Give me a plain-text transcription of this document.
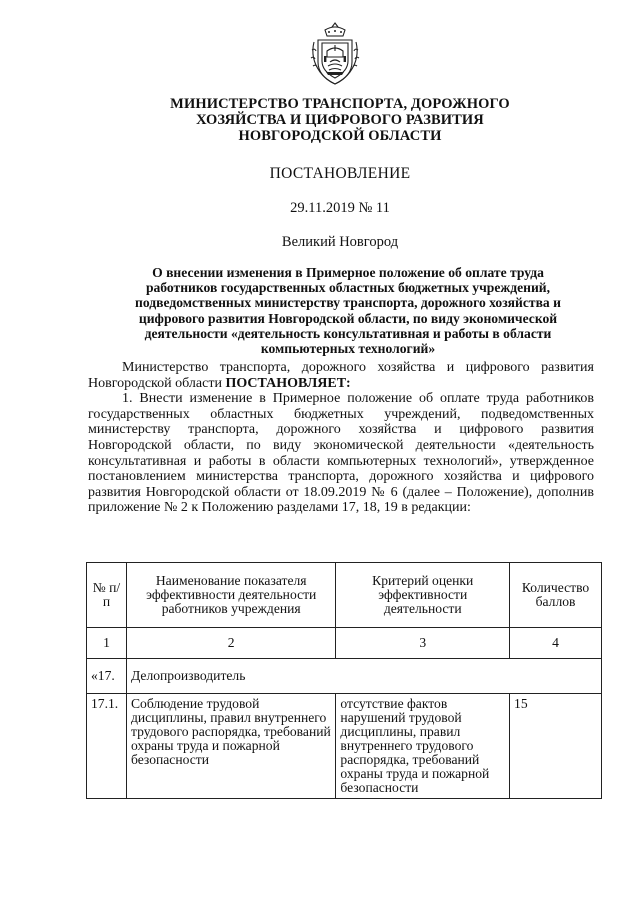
МИНИСТЕРСТВО ТРАНСПОРТА, ДОРОЖНОГО
ХОЗЯЙСТВА И ЦИФРОВОГО РАЗВИТИЯ
НОВГОРОДСКОЙ ОБЛАСТИ
ПОСТАНОВЛЕНИЕ
29.11.2019 № 11
Великий Новгород
О внесении изменения в Примерное положение об оплате труда
работников государственных областных бюджетных учреждений,
подведомственных министерству транспорта, дорожного хозяйства и
цифрового развития Новгородской области, по виду экономической
деятельности «деятельность консультативная и работы в области
компьютерных технологий»

Министерство транспорта, дорожного хозяйства и цифрового развития Новгородской области ПОСТАНОВЛЯЕТ:

1. Внести изменение в Примерное положение об оплате труда работников государственных областных бюджетных учреждений, подведомственных министерству транспорта, дорожного хозяйства и цифрового развития Новгородской области, по виду экономической деятельности «деятельность консультативная и работы в области компьютерных технологий», утвержденное постановлением министерства транспорта, дорожного хозяйства и цифрового развития Новгородской области от 18.09.2019 № 6 (далее – Положение), дополнив приложение № 2 к Положению разделами 17, 18, 19 в редакции:

№ п/п	Наименование показателя эффективности деятельности работников учреждения	Критерий оценки эффективности деятельности	Количество баллов
1	2	3	4
«17.	Делопроизводитель		
17.1.	Соблюдение трудовой дисциплины, правил внутреннего трудового распорядка, требований охраны труда и пожарной безопасности	отсутствие фактов нарушений трудовой дисциплины, правил внутреннего трудового распорядка, требований охраны труда и пожарной безопасности	15
